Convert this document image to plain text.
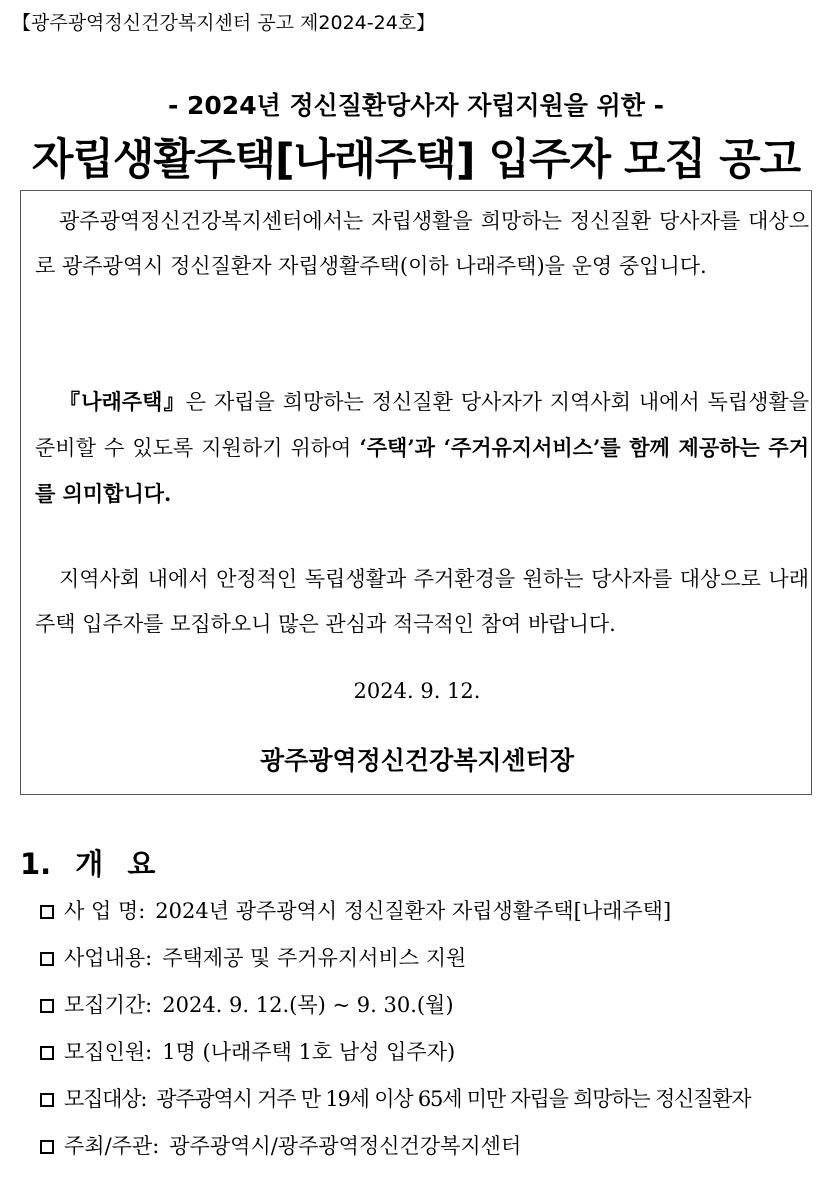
【광주광역정신건강복지센터 공고 제2024-24호】
- 2024년 정신질환당사자 자립지원을 위한 -
자립생활주택[나래주택] 입주자 모집 공고

광주광역정신건강복지센터에서는 자립생활을 희망하는 정신질환 당사자를 대상으로 광주광역시 정신질환자 자립생활주택(이하 나래주택)을 운영 중입니다.

『나래주택』은 자립을 희망하는 정신질환 당사자가 지역사회 내에서 독립생활을 준비할 수 있도록 지원하기 위하여 ‘주택’과 ‘주거유지서비스’를 함께 제공하는 주거를 의미합니다.

지역사회 내에서 안정적인 독립생활과 주거환경을 원하는 당사자를 대상으로 나래주택 입주자를 모집하오니 많은 관심과 적극적인 참여 바랍니다.

2024. 9. 12.
광주광역정신건강복지센터장
1. 개 요
사 업 명: 2024년 광주광역시 정신질환자 자립생활주택[나래주택]
사업내용: 주택제공 및 주거유지서비스 지원
모집기간: 2024. 9. 12.(목) ~ 9. 30.(월)
모집인원: 1명 (나래주택 1호 남성 입주자)
모집대상: 광주광역시 거주 만 19세 이상 65세 미만 자립을 희망하는 정신질환자
주최/주관: 광주광역시/광주광역정신건강복지센터
